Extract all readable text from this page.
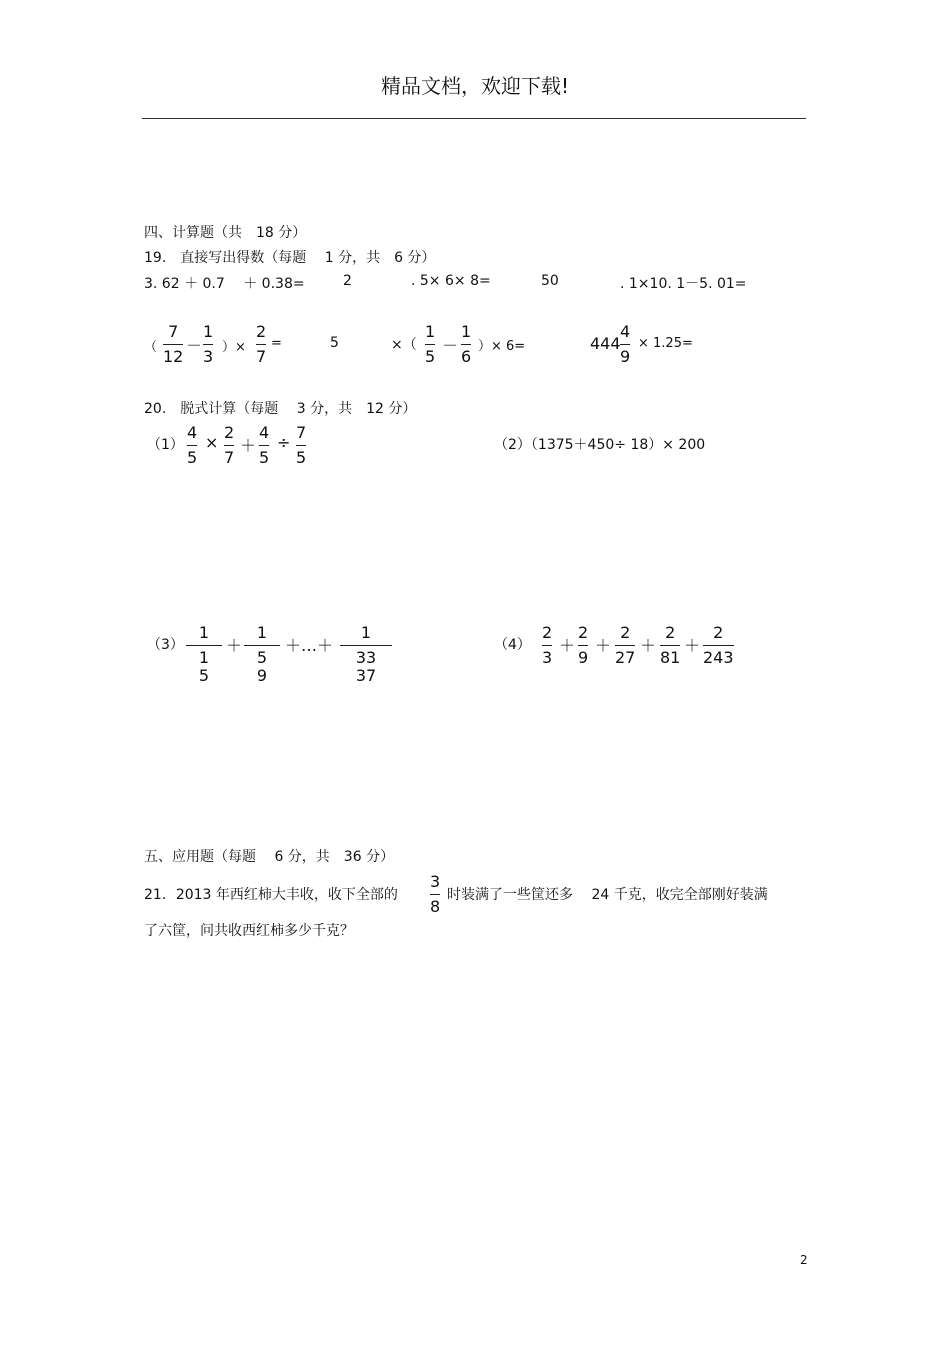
精品文档，欢迎下载!
四、计算题（共　18 分）
19.　直接写出得数（每题　 1 分，共　6 分）
3. 62 ＋ 0.7 　＋ 0.38=	2	. 5× 6× 8=	50	. 1×10. 1－5. 01=
（
7
12
－
1
3 ）×
2
7
=	5	×（
1
5
－
1
6
）× 6=	444
4
9
× 1.25=
20.　脱式计算（每题　 3 分，共　12 分）
（1）
4
5
×
2
7
＋
4
5
÷
7
5
（2）（1375＋450÷ 18）× 200
（3）
1
1　5
＋
1
5　9
＋…＋
1
33　37
（4）
2
3
＋
2
9
＋
2
27
＋
2
81
＋
2
243
五、应用题（每题　 6 分，共　36 分）
21．2013 年西红柿大丰收，收下全部的
3
8
时装满了一些筐还多　 24 千克，收完全部刚好装满
了六筐，问共收西红柿多少千克？
2
